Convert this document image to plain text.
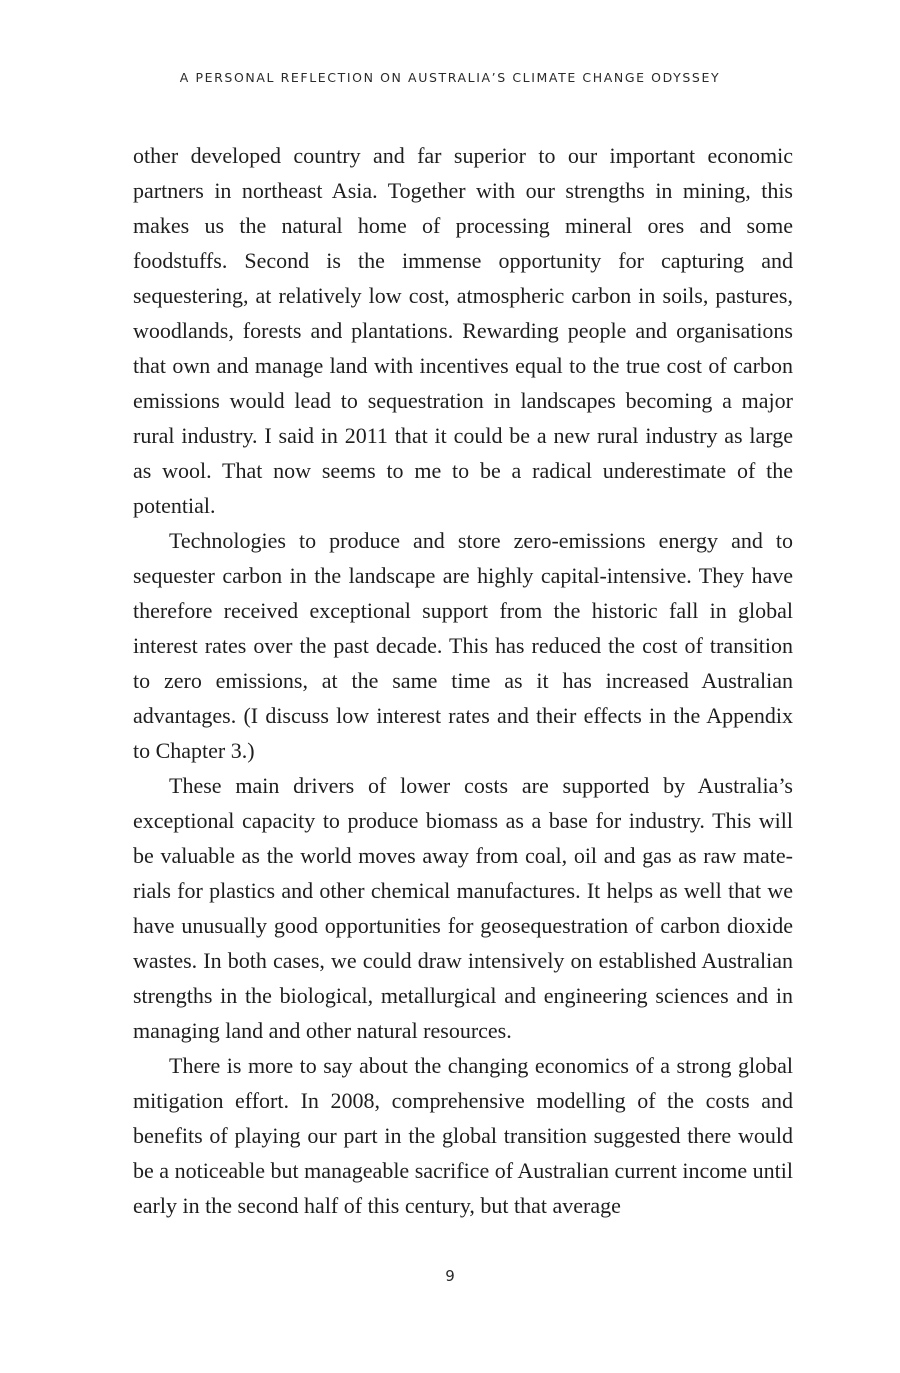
A PERSONAL REFLECTION ON AUSTRALIA’S CLIMATE CHANGE ODYSSEY

other developed country and far superior to our important economic partners in northeast Asia. Together with our strengths in mining, this makes us the natural home of processing mineral ores and some foodstuffs. Second is the immense opportunity for capturing and sequestering, at relatively low cost, atmospheric carbon in soils, pastures, woodlands, forests and plantations. Rewarding people and organisations that own and manage land with incentives equal to the true cost of carbon emissions would lead to sequestration in landscapes becoming a major rural industry. I said in 2011 that it could be a new rural industry as large as wool. That now seems to me to be a radical underestimate of the potential.

Technologies to produce and store zero-emissions energy and to sequester carbon in the landscape are highly capital-intensive. They have therefore received exceptional support from the historic fall in global interest rates over the past decade. This has reduced the cost of transition to zero emissions, at the same time as it has increased Australian advantages. (I discuss low interest rates and their effects in the Appendix to Chapter 3.)

These main drivers of lower costs are supported by Australia’s exceptional capacity to produce biomass as a base for industry. This will be valuable as the world moves away from coal, oil and gas as raw materials for plastics and other chemical manufactures. It helps as well that we have unusually good opportunities for geosequestration of carbon dioxide wastes. In both cases, we could draw intensively on established Australian strengths in the biological, metallurgical and engineering sciences and in managing land and other natural resources.

There is more to say about the changing economics of a strong global mitigation effort. In 2008, comprehensive modelling of the costs and benefits of playing our part in the global transition suggested there would be a noticeable but manageable sacrifice of Australian current income until early in the second half of this century, but that average

9
